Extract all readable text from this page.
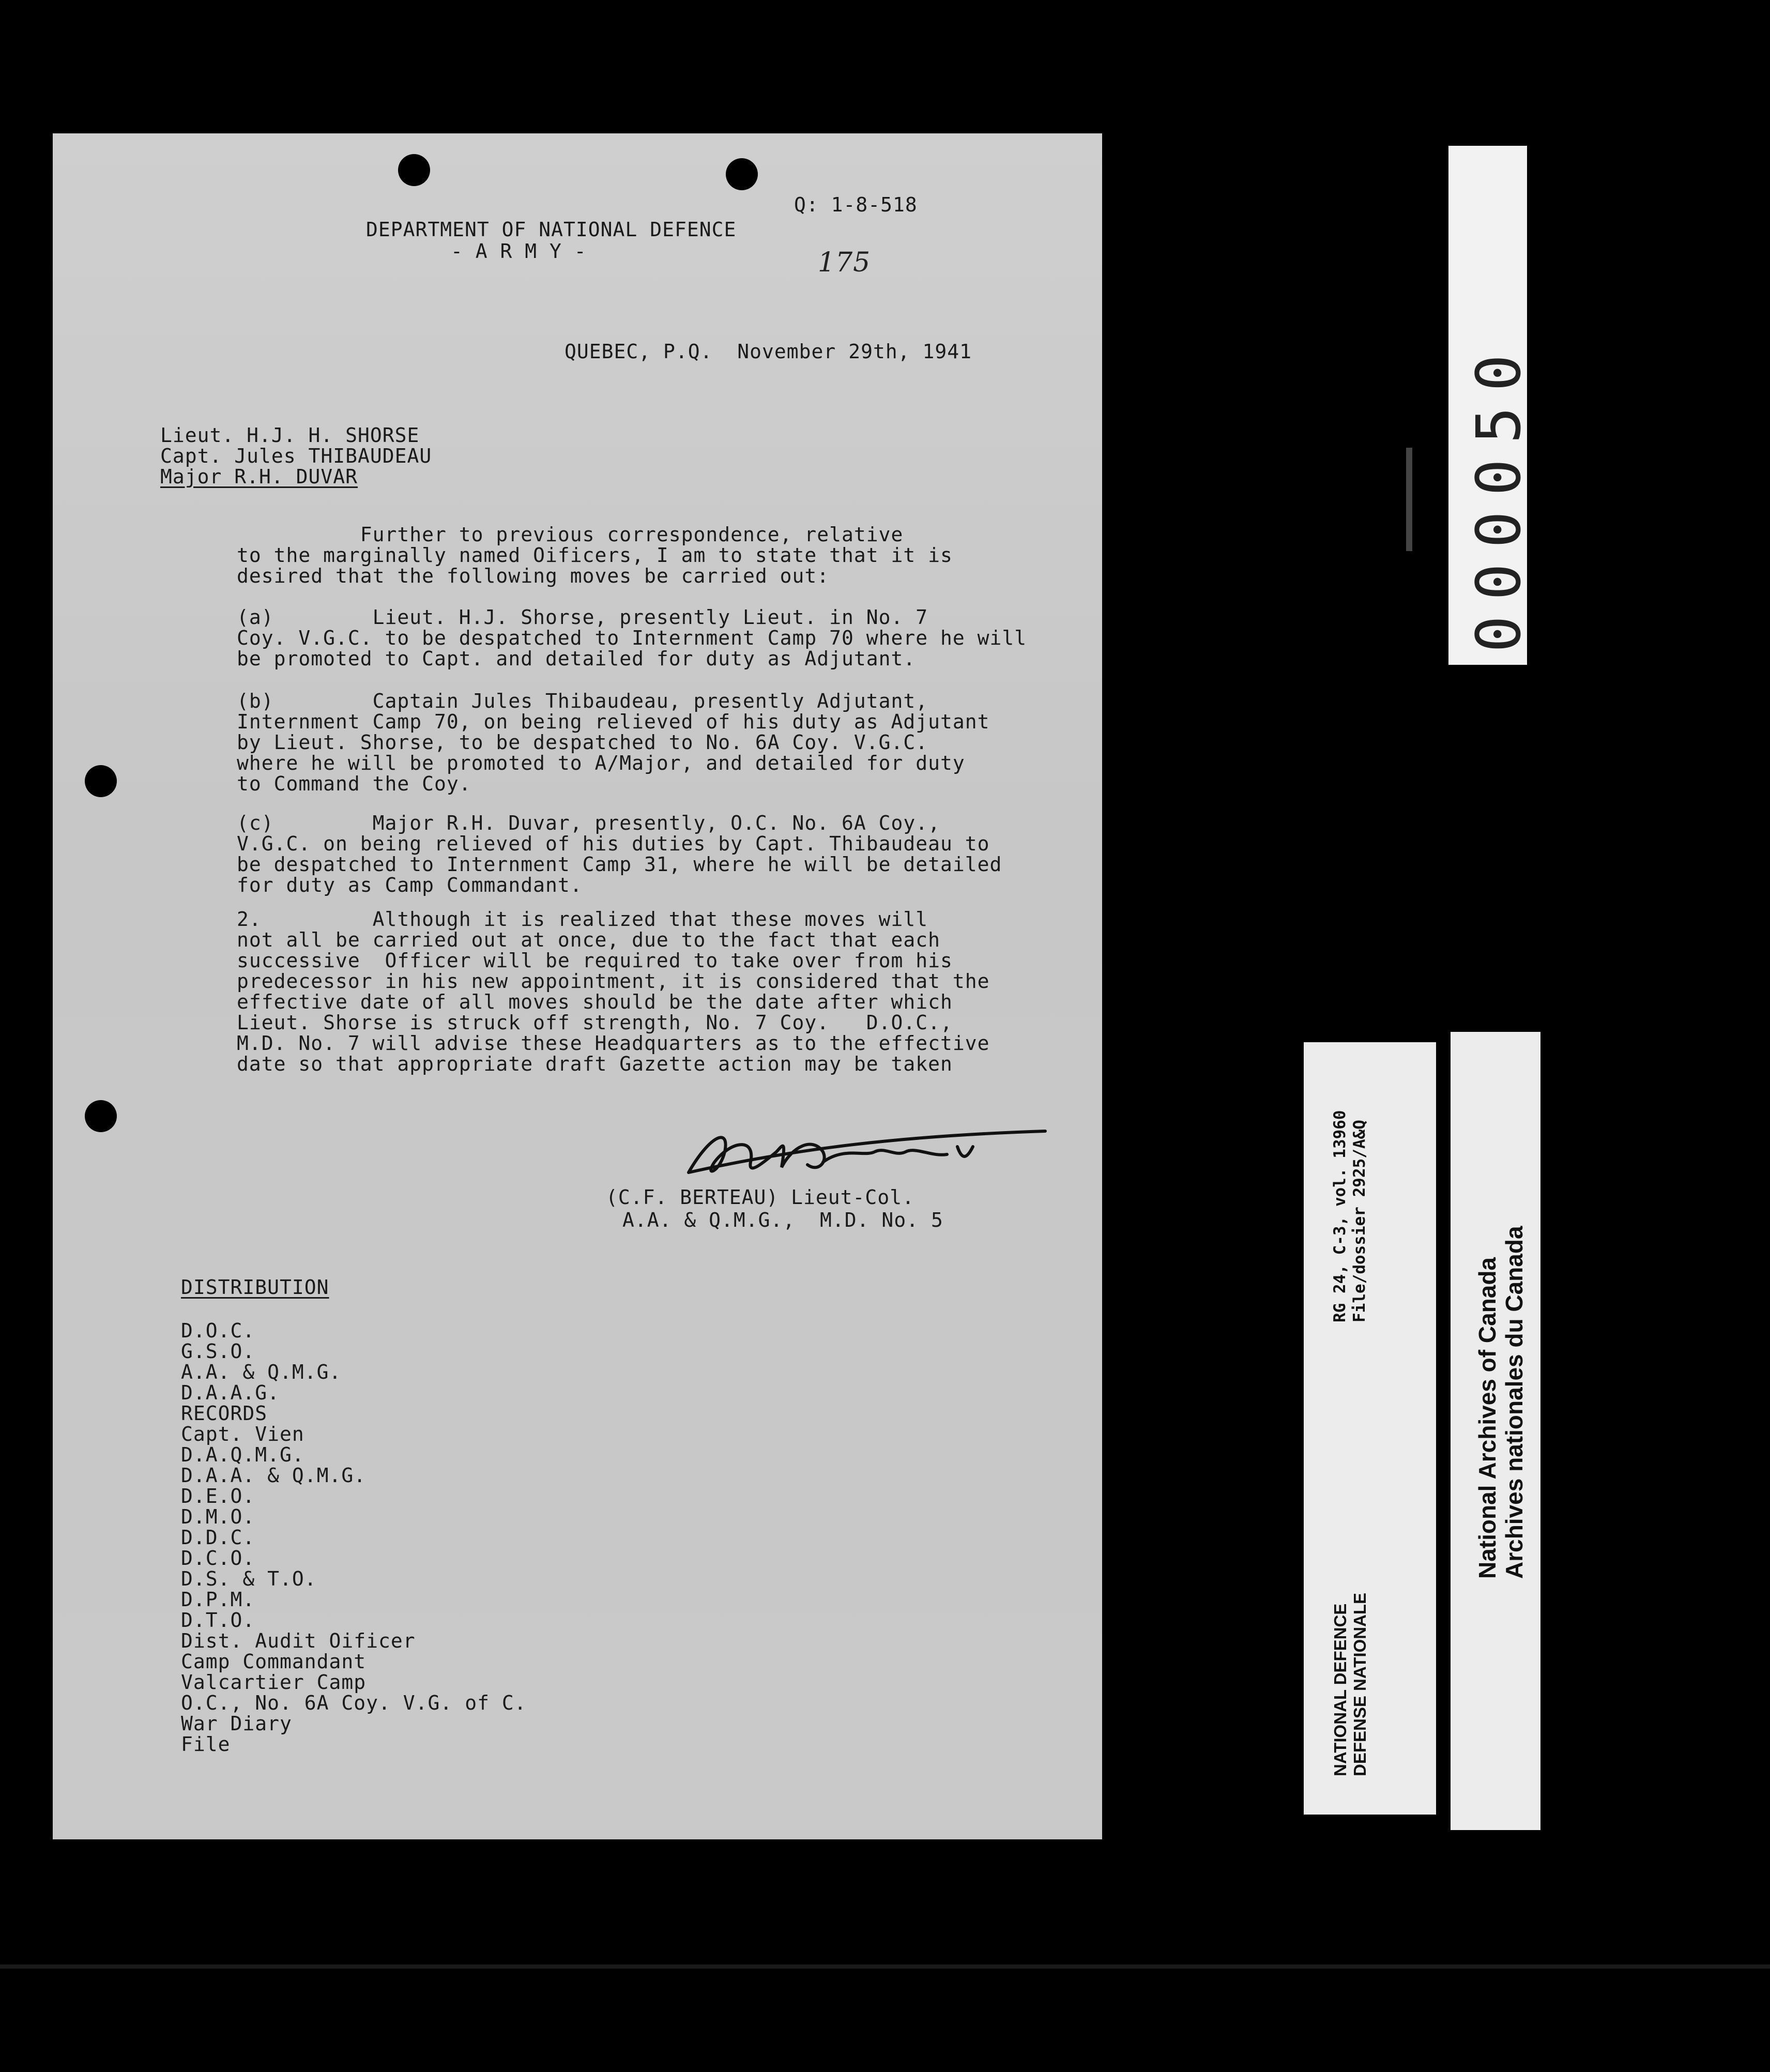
Q: 1-8-518
DEPARTMENT OF NATIONAL DEFENCE
- A R M Y -	175
QUEBEC, P.Q.  November 29th, 1941
Lieut. H.J. H. SHORSE
Capt. Jules THIBAUDEAU
Major R.H. DUVAR
Further to previous correspondence, relative
to the marginally named Oificers, I am to state that it is
desired that the following moves be carried out:
(a)        Lieut. H.J. Shorse, presently Lieut. in No. 7
Coy. V.G.C. to be despatched to Internment Camp 70 where he will
be promoted to Capt. and detailed for duty as Adjutant.
(b)        Captain Jules Thibaudeau, presently Adjutant,
Internment Camp 70, on being relieved of his duty as Adjutant
by Lieut. Shorse, to be despatched to No. 6A Coy. V.G.C.
where he will be promoted to A/Major, and detailed for duty
to Command the Coy.
(c)        Major R.H. Duvar, presently, O.C. No. 6A Coy.,
V.G.C. on being relieved of his duties by Capt. Thibaudeau to
be despatched to Internment Camp 31, where he will be detailed
for duty as Camp Commandant.
2.         Although it is realized that these moves will
not all be carried out at once, due to the fact that each
successive  Officer will be required to take over from his
predecessor in his new appointment, it is considered that the
effective date of all moves should be the date after which
Lieut. Shorse is struck off strength, No. 7 Coy.   D.O.C.,
M.D. No. 7 will advise these Headquarters as to the effective
date so that appropriate draft Gazette action may be taken
(C.F. BERTEAU) Lieut-Col.
A.A. & Q.M.G.,  M.D. No. 5
DISTRIBUTION
D.O.C.
G.S.O.
A.A. & Q.M.G.
D.A.A.G.
RECORDS
Capt. Vien
D.A.Q.M.G.
D.A.A. & Q.M.G.
D.E.O.
D.M.O.
D.D.C.
D.C.O.
D.S. & T.O.
D.P.M.
D.T.O.
Dist. Audit Oificer
Camp Commandant
Valcartier Camp
O.C., No. 6A Coy. V.G. of C.
War Diary
File
000050
RG 24, C-3, vol. 13960 File/dossier 2925/A&Q
NATIONAL DEFENCE DEFENSE NATIONALE
National Archives of Canada Archives nationales du Canada
